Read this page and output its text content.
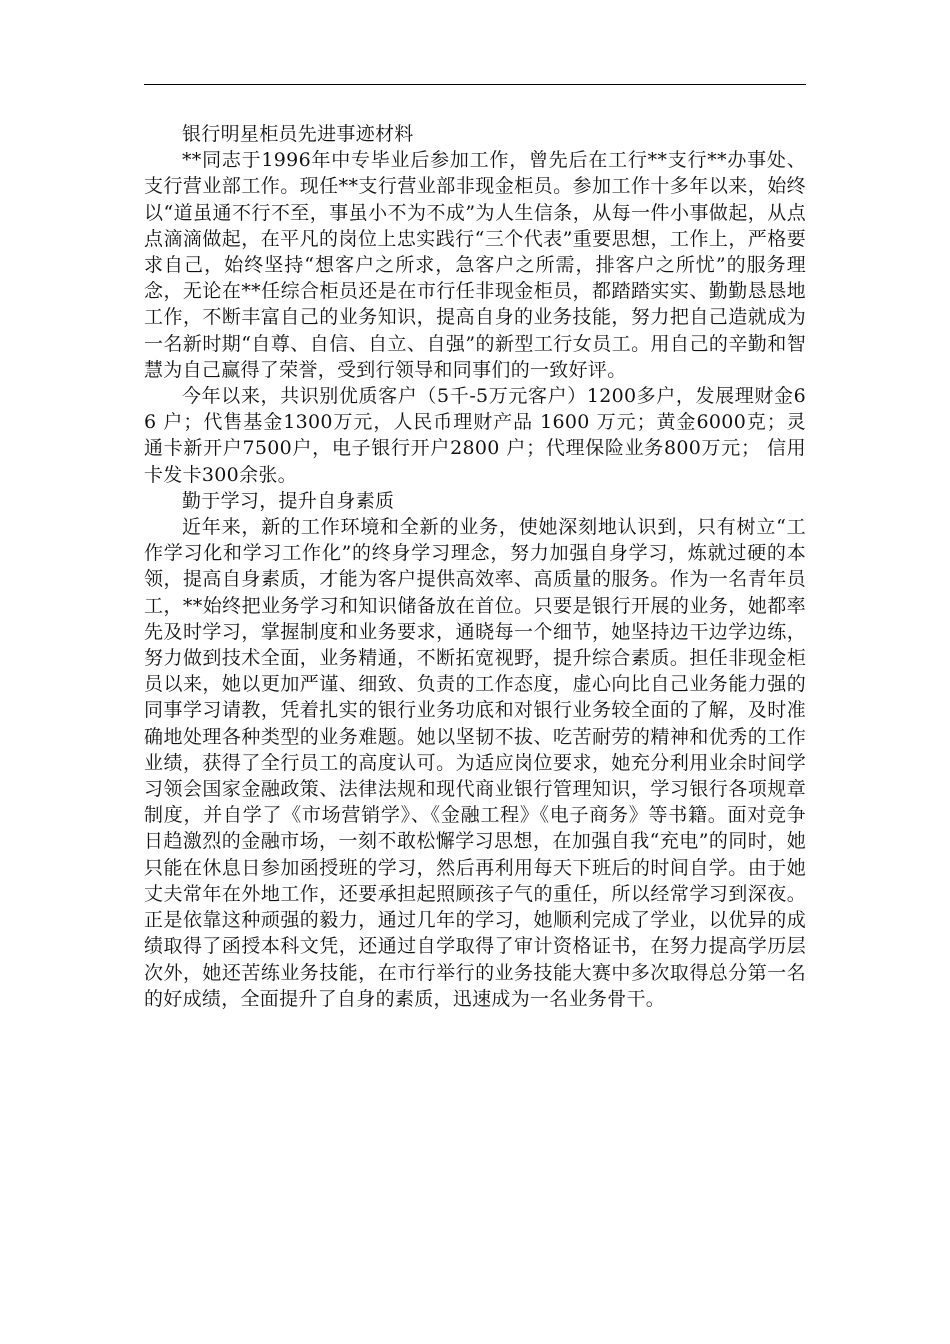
银行明星柜员先进事迹材料

**同志于1996年中专毕业后参加工作，曾先后在工行**支行**办事处、支行营业部工作。现任**支行营业部非现金柜员。参加工作十多年以来，始终以“道虽通不行不至，事虽小不为不成”为人生信条，从每一件小事做起，从点点滴滴做起，在平凡的岗位上忠实践行“三个代表”重要思想，工作上，严格要求自己，始终坚持“想客户之所求，急客户之所需，排客户之所忧”的服务理念，无论在**任综合柜员还是在市行任非现金柜员，都踏踏实实、勤勤恳恳地工作，不断丰富自己的业务知识，提高自身的业务技能，努力把自己造就成为一名新时期“自尊、自信、自立、自强”的新型工行女员工。用自己的辛勤和智慧为自己赢得了荣誉，受到行领导和同事们的一致好评。

今年以来，共识别优质客户（5千-5万元客户）1200多户，发展理财金66 户；代售基金1300万元，人民币理财产品 1600 万元；黄金6000克；灵通卡新开户7500户，电子银行开户2800 户；代理保险业务800万元； 信用卡发卡300余张。

勤于学习，提升自身素质

近年来，新的工作环境和全新的业务，使她深刻地认识到，只有树立“工作学习化和学习工作化”的终身学习理念，努力加强自身学习，炼就过硬的本领，提高自身素质，才能为客户提供高效率、高质量的服务。作为一名青年员工，**始终把业务学习和知识储备放在首位。只要是银行开展的业务，她都率先及时学习，掌握制度和业务要求，通晓每一个细节，她坚持边干边学边练，努力做到技术全面，业务精通，不断拓宽视野，提升综合素质。担任非现金柜员以来，她以更加严谨、细致、负责的工作态度，虚心向比自己业务能力强的同事学习请教，凭着扎实的银行业务功底和对银行业务较全面的了解，及时准确地处理各种类型的业务难题。她以坚韧不拔、吃苦耐劳的精神和优秀的工作业绩，获得了全行员工的高度认可。为适应岗位要求，她充分利用业余时间学习领会国家金融政策、法律法规和现代商业银行管理知识，学习银行各项规章制度，并自学了《市场营销学》、《金融工程》《电子商务》等书籍。面对竞争日趋激烈的金融市场，一刻不敢松懈学习思想，在加强自我“充电”的同时，她只能在休息日参加函授班的学习，然后再利用每天下班后的时间自学。由于她丈夫常年在外地工作，还要承担起照顾孩子气的重任，所以经常学习到深夜。正是依靠这种顽强的毅力，通过几年的学习，她顺利完成了学业，以优异的成绩取得了函授本科文凭，还通过自学取得了审计资格证书，在努力提高学历层次外，她还苦练业务技能，在市行举行的业务技能大赛中多次取得总分第一名的好成绩，全面提升了自身的素质，迅速成为一名业务骨干。
